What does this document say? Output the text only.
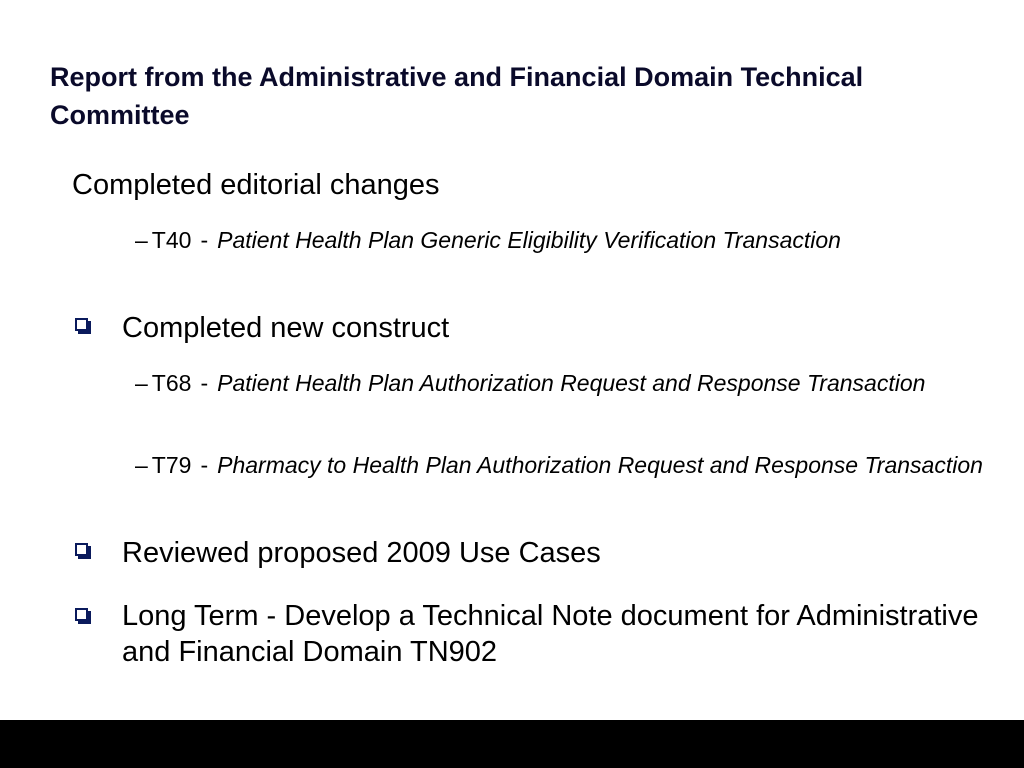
Report from the Administrative and Financial Domain Technical Committee

Completed editorial changes

– T40 - Patient Health Plan Generic Eligibility Verification Transaction

Completed new construct

– T68 - Patient Health Plan Authorization Request and Response Transaction

– T79 - Pharmacy to Health Plan Authorization Request and Response Transaction

Reviewed proposed 2009 Use Cases

Long Term - Develop a Technical Note document for Administrative and Financial Domain TN902
